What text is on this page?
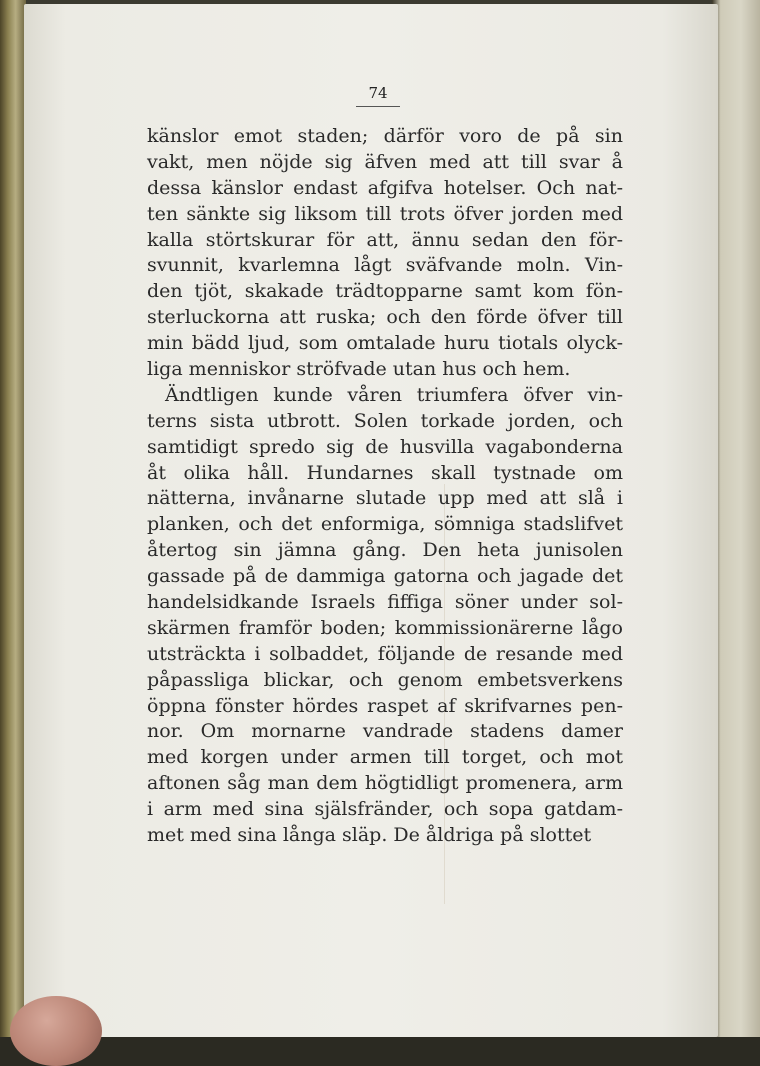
74
känslor emot staden; därför voro de på sin
vakt, men nöjde sig äfven med att till svar å
dessa känslor endast afgifva hotelser. Och nat-
ten sänkte sig liksom till trots öfver jorden med
kalla störtskurar för att, ännu sedan den för-
svunnit, kvarlemna lågt sväfvande moln. Vin-
den tjöt, skakade trädtopparne samt kom fön-
sterluckorna att ruska; och den förde öfver till
min bädd ljud, som omtalade huru tiotals olyck-
liga menniskor ströfvade utan hus och hem.
Ändtligen kunde våren triumfera öfver vin-
terns sista utbrott. Solen torkade jorden, och
samtidigt spredo sig de husvilla vagabonderna
åt olika håll. Hundarnes skall tystnade om
nätterna, invånarne slutade upp med att slå i
planken, och det enformiga, sömniga stadslifvet
återtog sin jämna gång. Den heta junisolen
gassade på de dammiga gatorna och jagade det
handelsidkande Israels fiffiga söner under sol-
skärmen framför boden; kommissionärerne lågo
utsträckta i solbaddet, följande de resande med
påpassliga blickar, och genom embetsverkens
öppna fönster hördes raspet af skrifvarnes pen-
nor. Om mornarne vandrade stadens damer
med korgen under armen till torget, och mot
aftonen såg man dem högtidligt promenera, arm
i arm med sina själsfränder, och sopa gatdam-
met med sina långa släp. De åldriga på slottet
